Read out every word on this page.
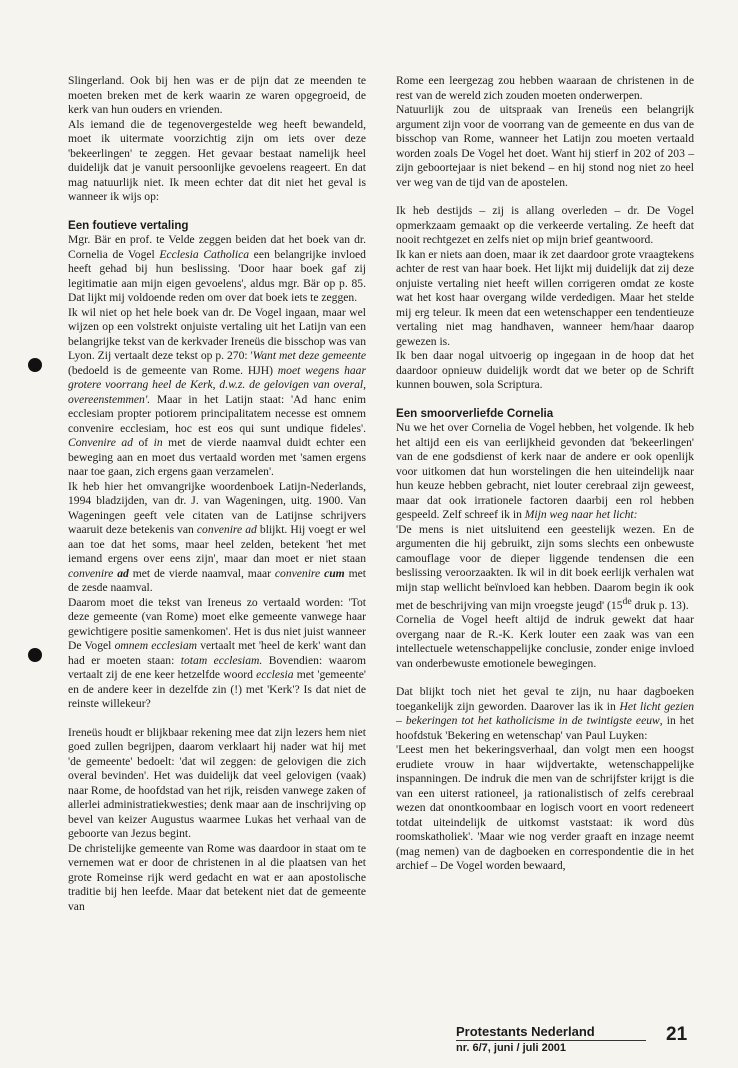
Slingerland. Ook bij hen was er de pijn dat ze meenden te moeten breken met de kerk waarin ze waren opgegroeid, de kerk van hun ouders en vrienden.

Als iemand die de tegenovergestelde weg heeft bewandeld, moet ik uitermate voorzichtig zijn om iets over deze 'bekeerlingen' te zeggen. Het gevaar bestaat namelijk heel duidelijk dat je vanuit persoonlijke gevoelens reageert. En dat mag natuurlijk niet. Ik meen echter dat dit niet het geval is wanneer ik wijs op:

Een foutieve vertaling

Mgr. Bär en prof. te Velde zeggen beiden dat het boek van dr. Cornelia de Vogel Ecclesia Catholica een belangrijke invloed heeft gehad bij hun beslissing. 'Door haar boek gaf zij legitimatie aan mijn eigen gevoelens', aldus mgr. Bär op p. 85. Dat lijkt mij voldoende reden om over dat boek iets te zeggen.

Ik wil niet op het hele boek van dr. De Vogel ingaan, maar wel wijzen op een volstrekt onjuiste vertaling uit het Latijn van een belangrijke tekst van de kerkvader Ireneüs die bisschop was van Lyon. Zij vertaalt deze tekst op p. 270: 'Want met deze gemeente (bedoeld is de gemeente van Rome. HJH) moet wegens haar grotere voorrang heel de Kerk, d.w.z. de gelovigen van overal, overeenstemmen'. Maar in het Latijn staat: 'Ad hanc enim ecclesiam propter potiorem principalitatem necesse est omnem convenire ecclesiam, hoc est eos qui sunt undique fideles'. Convenire ad of in met de vierde naamval duidt echter een beweging aan en moet dus vertaald worden met 'samen ergens naar toe gaan, zich ergens gaan verzamelen'.

Ik heb hier het omvangrijke woordenboek Latijn-Nederlands, 1994 bladzijden, van dr. J. van Wageningen, uitg. 1900. Van Wageningen geeft vele citaten van de Latijnse schrijvers waaruit deze betekenis van convenire ad blijkt. Hij voegt er wel aan toe dat het soms, maar heel zelden, betekent 'het met iemand ergens over eens zijn', maar dan moet er niet staan convenire ad met de vierde naamval, maar convenire cum met de zesde naamval.

Daarom moet die tekst van Ireneus zo vertaald worden: 'Tot deze gemeente (van Rome) moet elke gemeente vanwege haar gewichtigere positie samenkomen'. Het is dus niet juist wanneer De Vogel omnem ecclesiam vertaalt met 'heel de kerk' want dan had er moeten staan: totam ecclesiam. Bovendien: waarom vertaalt zij de ene keer hetzelfde woord ecclesia met 'gemeente' en de andere keer in dezelfde zin (!) met 'Kerk'? Is dat niet de reinste willekeur?

Ireneüs houdt er blijkbaar rekening mee dat zijn lezers hem niet goed zullen begrijpen, daarom verklaart hij nader wat hij met 'de gemeente' bedoelt: 'dat wil zeggen: de gelovigen die zich overal bevinden'. Het was duidelijk dat veel gelovigen (vaak) naar Rome, de hoofdstad van het rijk, reisden vanwege zaken of allerlei administratiekwesties; denk maar aan de inschrijving op bevel van keizer Augustus waarmee Lukas het verhaal van de geboorte van Jezus begint.

De christelijke gemeente van Rome was daardoor in staat om te vernemen wat er door de christenen in al die plaatsen van het grote Romeinse rijk werd gedacht en wat er aan apostolische traditie bij hen leefde. Maar dat betekent niet dat de gemeente van

Rome een leergezag zou hebben waaraan de christenen in de rest van de wereld zich zouden moeten onderwerpen.

Natuurlijk zou de uitspraak van Ireneüs een belangrijk argument zijn voor de voorrang van de gemeente en dus van de bisschop van Rome, wanneer het Latijn zou moeten vertaald worden zoals De Vogel het doet. Want hij stierf in 202 of 203 – zijn geboortejaar is niet bekend – en hij stond nog niet zo heel ver weg van de tijd van de apostelen.

Ik heb destijds – zij is allang overleden – dr. De Vogel opmerkzaam gemaakt op die verkeerde vertaling. Ze heeft dat nooit rechtgezet en zelfs niet op mijn brief geantwoord.

Ik kan er niets aan doen, maar ik zet daardoor grote vraagtekens achter de rest van haar boek. Het lijkt mij duidelijk dat zij deze onjuiste vertaling niet heeft willen corrigeren omdat ze koste wat het kost haar overgang wilde verdedigen. Maar het stelde mij erg teleur. Ik meen dat een wetenschapper een tendentieuze vertaling niet mag handhaven, wanneer hem/haar daarop gewezen is.

Ik ben daar nogal uitvoerig op ingegaan in de hoop dat het daardoor opnieuw duidelijk wordt dat we beter op de Schrift kunnen bouwen, sola Scriptura.

Een smoorverliefde Cornelia

Nu we het over Cornelia de Vogel hebben, het volgende. Ik heb het altijd een eis van eerlijkheid gevonden dat 'bekeerlingen' van de ene godsdienst of kerk naar de andere er ook openlijk voor uitkomen dat hun worstelingen die hen uiteindelijk naar hun keuze hebben gebracht, niet louter cerebraal zijn geweest, maar dat ook irrationele factoren daarbij een rol hebben gespeeld. Zelf schreef ik in Mijn weg naar het licht:

'De mens is niet uitsluitend een geestelijk wezen. En de argumenten die hij gebruikt, zijn soms slechts een onbewuste camouflage voor de dieper liggende tendensen die een beslissing veroorzaakten. Ik wil in dit boek eerlijk verhalen wat mijn stap wellicht beïnvloed kan hebben. Daarom begin ik ook met de beschrijving van mijn vroegste jeugd' (15de druk p. 13).

Cornelia de Vogel heeft altijd de indruk gewekt dat haar overgang naar de R.-K. Kerk louter een zaak was van een intellectuele wetenschappelijke conclusie, zonder enige invloed van onderbewuste emotionele bewegingen.

Dat blijkt toch niet het geval te zijn, nu haar dagboeken toegankelijk zijn geworden. Daarover las ik in Het licht gezien – bekeringen tot het katholicisme in de twintigste eeuw, in het hoofdstuk 'Bekering en wetenschap' van Paul Luyken:

'Leest men het bekeringsverhaal, dan volgt men een hoogst erudiete vrouw in haar wijdvertakte, wetenschappelijke inspanningen. De indruk die men van de schrijfster krijgt is die van een uiterst rationeel, ja rationalistisch of zelfs cerebraal wezen dat onontkoombaar en logisch voort en voort redeneert totdat uiteindelijk de uitkomst vaststaat: ik word dùs roomskatholiek'. 'Maar wie nog verder graaft en inzage neemt (mag nemen) van de dagboeken en correspondentie die in het archief – De Vogel worden bewaard,

Protestants Nederland
nr. 6/7, juni / juli 2001
21
